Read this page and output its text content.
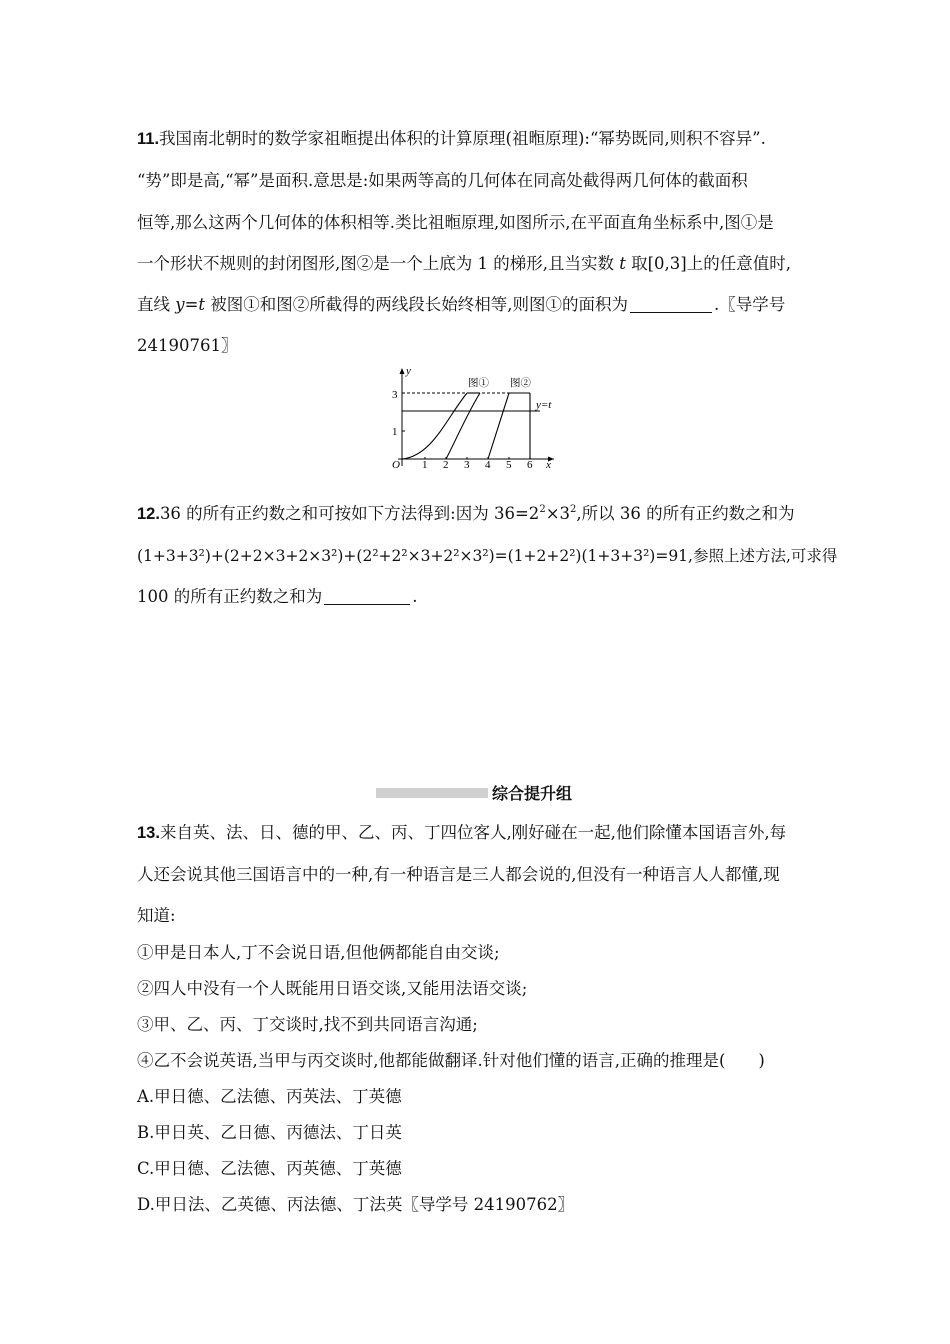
11.我国南北朝时的数学家祖暅提出体积的计算原理(祖暅原理):“幂势既同,则积不容异”.
“势”即是高,“幂”是面积.意思是:如果两等高的几何体在同高处截得两几何体的截面积
恒等,那么这两个几何体的体积相等.类比祖暅原理,如图所示,在平面直角坐标系中,图①是
一个形状不规则的封闭图形,图②是一个上底为 1 的梯形,且当实数 t 取[0,3]上的任意值时,
直线 y=t 被图①和图②所截得的两线段长始终相等,则图①的面积为	.〖导学号
24190761〗
y
x
O 1 2 3 4 5 6
1
3
y=t
图① 图②
12.36 的所有正约数之和可按如下方法得到:因为 $36=2^2\times 3^2$,所以 36 的所有正约数之和为
(1+3+3²)+(2+2×3+2×3²)+(2²+2²×3+2²×3²)=(1+2+2²)(1+3+3²)=91,参照上述方法,可求得
100 的所有正约数之和为	.
综合提升组
13.来自英、法、日、德的甲、乙、丙、丁四位客人,刚好碰在一起,他们除懂本国语言外,每
人还会说其他三国语言中的一种,有一种语言是三人都会说的,但没有一种语言人人都懂,现
知道:
①甲是日本人,丁不会说日语,但他俩都能自由交谈;
②四人中没有一个人既能用日语交谈,又能用法语交谈;
③甲、乙、丙、丁交谈时,找不到共同语言沟通;
④乙不会说英语,当甲与丙交谈时,他都能做翻译.针对他们懂的语言,正确的推理是(　　)
A.甲日德、乙法德、丙英法、丁英德
B.甲日英、乙日德、丙德法、丁日英
C.甲日德、乙法德、丙英德、丁英德
D.甲日法、乙英德、丙法德、丁法英〖导学号 24190762〗
